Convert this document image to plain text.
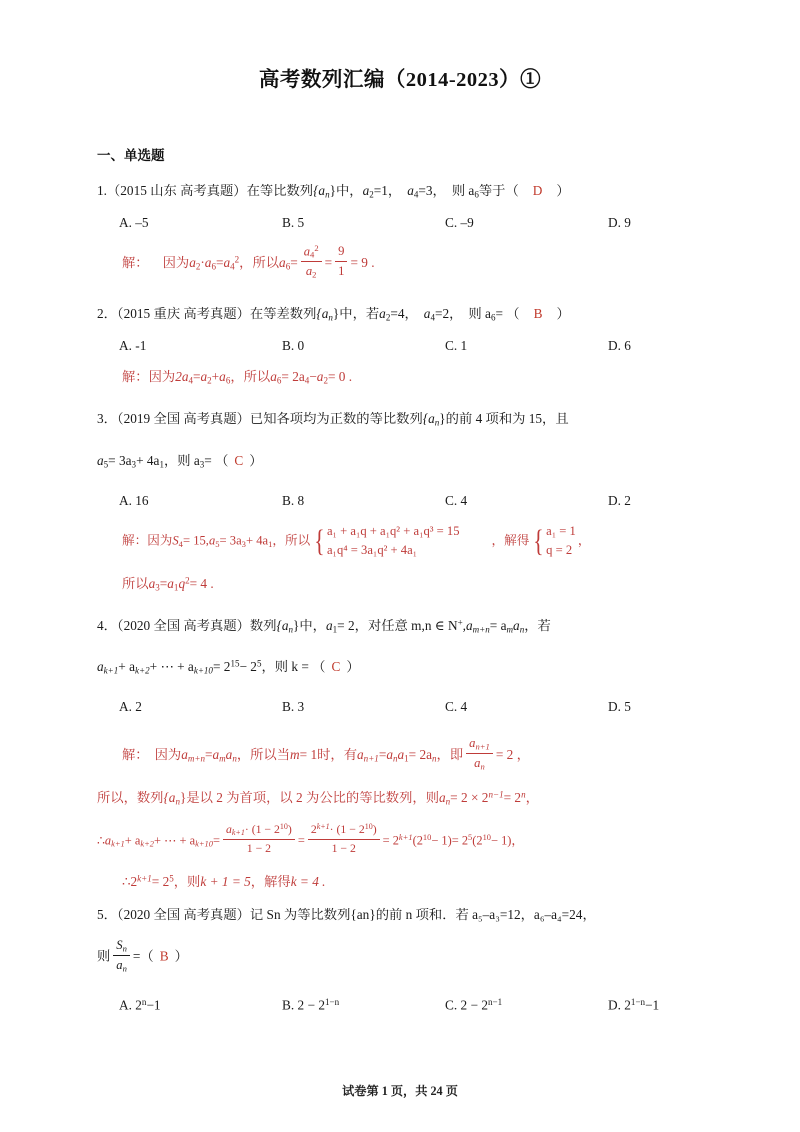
高考数列汇编（2014-2023）①
一、单选题
1.（2015 山东 高考真题）在等比数列$\{a_n\}$中，$a_2=1$， $a_4=3$， 则 $a_6$等于（ D ）
A. –5	B. 5	C. –9	D. 9
解： 因为$a_2\cdot a_6=a_4^2$，所以$a_6= \frac{a_4^2}{a_2} = \frac{9}{1} = 9$ .
2．（2015 重庆 高考真题）在等差数列$\{a_n\}$中，若$a_2=4$， $a_4=2$， 则 $a_6=$ （ B ）
A. -1	B. 0	C. 1	D. 6
解：因为$2a_4=a_2+a_6$，所以$a_6= 2a_4-a_2= 0$ .
3．（2019 全国 高考真题）已知各项均为正数的等比数列$\{a_n\}$的前 4 项和为 15，且
$a_5= 3a_3+ 4a_1$，则 $a_3=$ （ C ）
A. 16	B. 8	C. 4	D. 2
解：因为$S_4= 15,a_5= 3a_3+ 4a_1$，所以 { a₁ + a₁q + a₁q² + a₁q³ = 15
a₁q⁴ = 3a₁q² + 4a₁
，解得 { a₁ = 1
q = 2
，
所以$a_3=a_1q^2= 4$ .
4．（2020 全国 高考真题）数列$\{a_n\}$中，$a_1= 2$，对任意 m,n ∈ $N^+,a_{m+n}= a_ma_n$，若
$a_{k+1}+ a_{k+2}+$ ⋯ + $a_{k+10}= 2^{15}- 2^5$，则 k = （ C ）
A. 2	B. 3	C. 4	D. 5
解： 因为$a_{m+n}=a_ma_n$，所以当m= 1时，有$a_{n+1}=a_na_1= 2a_n$，即 $\frac{a_{n+1}}{a_n} = 2$ ，
所以，数列$\{a_n\}$是以 2 为首项，以 2 为公比的等比数列，则$a_n= 2 \times 2^{n-1}= 2^n$，
$\therefore a_{k+1}+ a_{k+2}+$ ⋯ + $a_{k+10}= \frac{a_{k+1}\cdot (1 - 2^{10})}{1 - 2} = \frac{2^{k+1}\cdot (1 - 2^{10})}{1 - 2} = 2^{k+1}(2^{10}- 1)= 2^5(2^{10}- 1)$，
$\therefore 2^{k+1}= 2^5$，则k + 1 = 5，解得k = 4 .
5．（2020 全国 高考真题）记 Sn 为等比数列{an}的前 n 项和．若 a₅–a₃=12，a₆–a₄=24，
则 $\frac{S_n}{a_n}$ =（ B ）
A. $2^n-1$	B. $2 - 2^{1-n}$	C. $2 - 2^{n-1}$	D. $2^{1-n}-1$
试卷第 1 页，共 24 页
